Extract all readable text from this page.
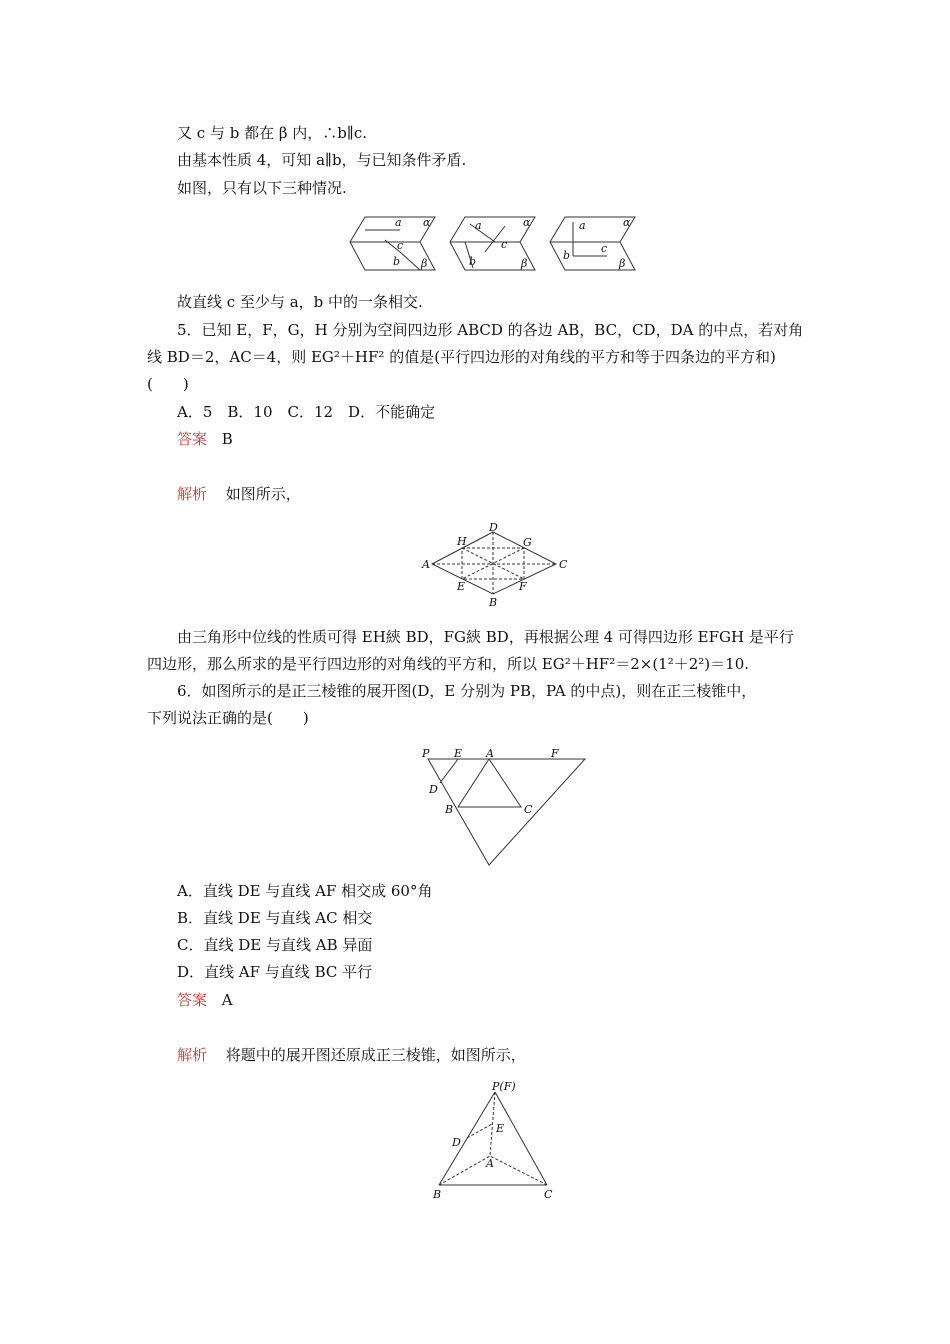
又 c 与 b 都在 β 内，∴b∥c.
由基本性质 4，可知 a∥b，与已知条件矛盾.
如图，只有以下三种情况.
a
c
b
α
β
a
c
b
α
β
a
c
b
α
β
故直线 c 至少与 a，b 中的一条相交.
5．已知 E，F，G，H 分别为空间四边形 ABCD 的各边 AB，BC，CD，DA 的中点，若对角
线 BD＝2，AC＝4，则 EG²＋HF² 的值是(平行四边形的对角线的平方和等于四条边的平方和)
(　　)
A．5　B．10　C．12　D．不能确定
答案 B
解析 如图所示，
A
D
C
B
H	G
E	F
由三角形中位线的性质可得 EH綊 BD，FG綊 BD，再根据公理 4 可得四边形 EFGH 是平行
四边形，那么所求的是平行四边形的对角线的平方和，所以 EG²＋HF²＝2×(1²＋2²)＝10.
6．如图所示的是正三棱锥的展开图(D，E 分别为 PB，PA 的中点)，则在正三棱锥中，
下列说法正确的是(　　)
P E A	F
D
B	C
A．直线 DE 与直线 AF 相交成 60°角
B．直线 DE 与直线 AC 相交
C．直线 DE 与直线 AB 异面
D．直线 AF 与直线 BC 平行
答案 A
解析 将题中的展开图还原成正三棱锥，如图所示，
P(F)
E
D
A
B	C
